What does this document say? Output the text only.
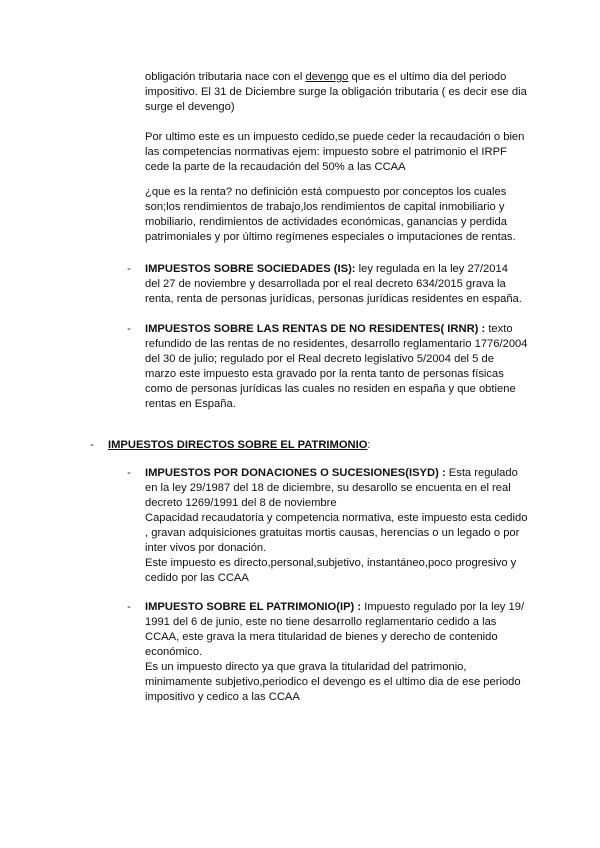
obligación tributaria nace con el devengo que es el ultimo dia del periodo
impositivo. El 31 de Diciembre surge la obligación tributaria ( es decir ese dia
surge el devengo)
Por ultimo este es un impuesto cedido,se puede ceder la recaudación o bien
las competencias normativas ejem: impuesto sobre el patrimonio el IRPF
cede la parte de la recaudación del 50% a las CCAA
¿que es la renta? no definición está compuesto por conceptos los cuales
son;los rendimientos de trabajo,los rendimientos de capital inmobiliario y
mobiliario, rendimientos de actividades económicas, ganancias y perdida
patrimoniales y por último regímenes especiales o imputaciones de rentas.
- IMPUESTOS SOBRE SOCIEDADES (IS): ley regulada en la ley 27/2014
del 27 de noviembre y desarrollada por el real decreto 634/2015 grava la
renta, renta de personas jurídicas, personas jurídicas residentes en españa.
- IMPUESTOS SOBRE LAS RENTAS DE NO RESIDENTES( IRNR) : texto
refundido de las rentas de no residentes, desarrollo reglamentario 1776/2004
del 30 de julio; regulado por el Real decreto legislativo 5/2004 del 5 de
marzo este impuesto esta gravado por la renta tanto de personas físicas
como de personas jurídicas las cuales no residen en españa y que obtiene
rentas en España.
- IMPUESTOS DIRECTOS SOBRE EL PATRIMONIO:
- IMPUESTOS POR DONACIONES O SUCESIONES(ISYD) : Esta regulado
en la ley 29/1987 del 18 de diciembre, su desarollo se encuenta en el real
decreto 1269/1991 del 8 de noviembre
Capacidad recaudatoria y competencia normativa, este impuesto esta cedido
, gravan adquisiciones gratuitas mortis causas, herencias o un legado o por
inter vivos por donación.
Este impuesto es directo,personal,subjetivo, instantáneo,poco progresivo y
cedido por las CCAA
- IMPUESTO SOBRE EL PATRIMONIO(IP) : Impuesto regulado por la ley 19/
1991 del 6 de junio, este no tiene desarrollo reglamentario cedido a las
CCAA, este grava la mera titularidad de bienes y derecho de contenido
económico.
Es un impuesto directo ya que grava la titularidad del patrimonio,
minimamente subjetivo,periodico el devengo es el ultimo dia de ese periodo
impositivo y cedico a las CCAA
